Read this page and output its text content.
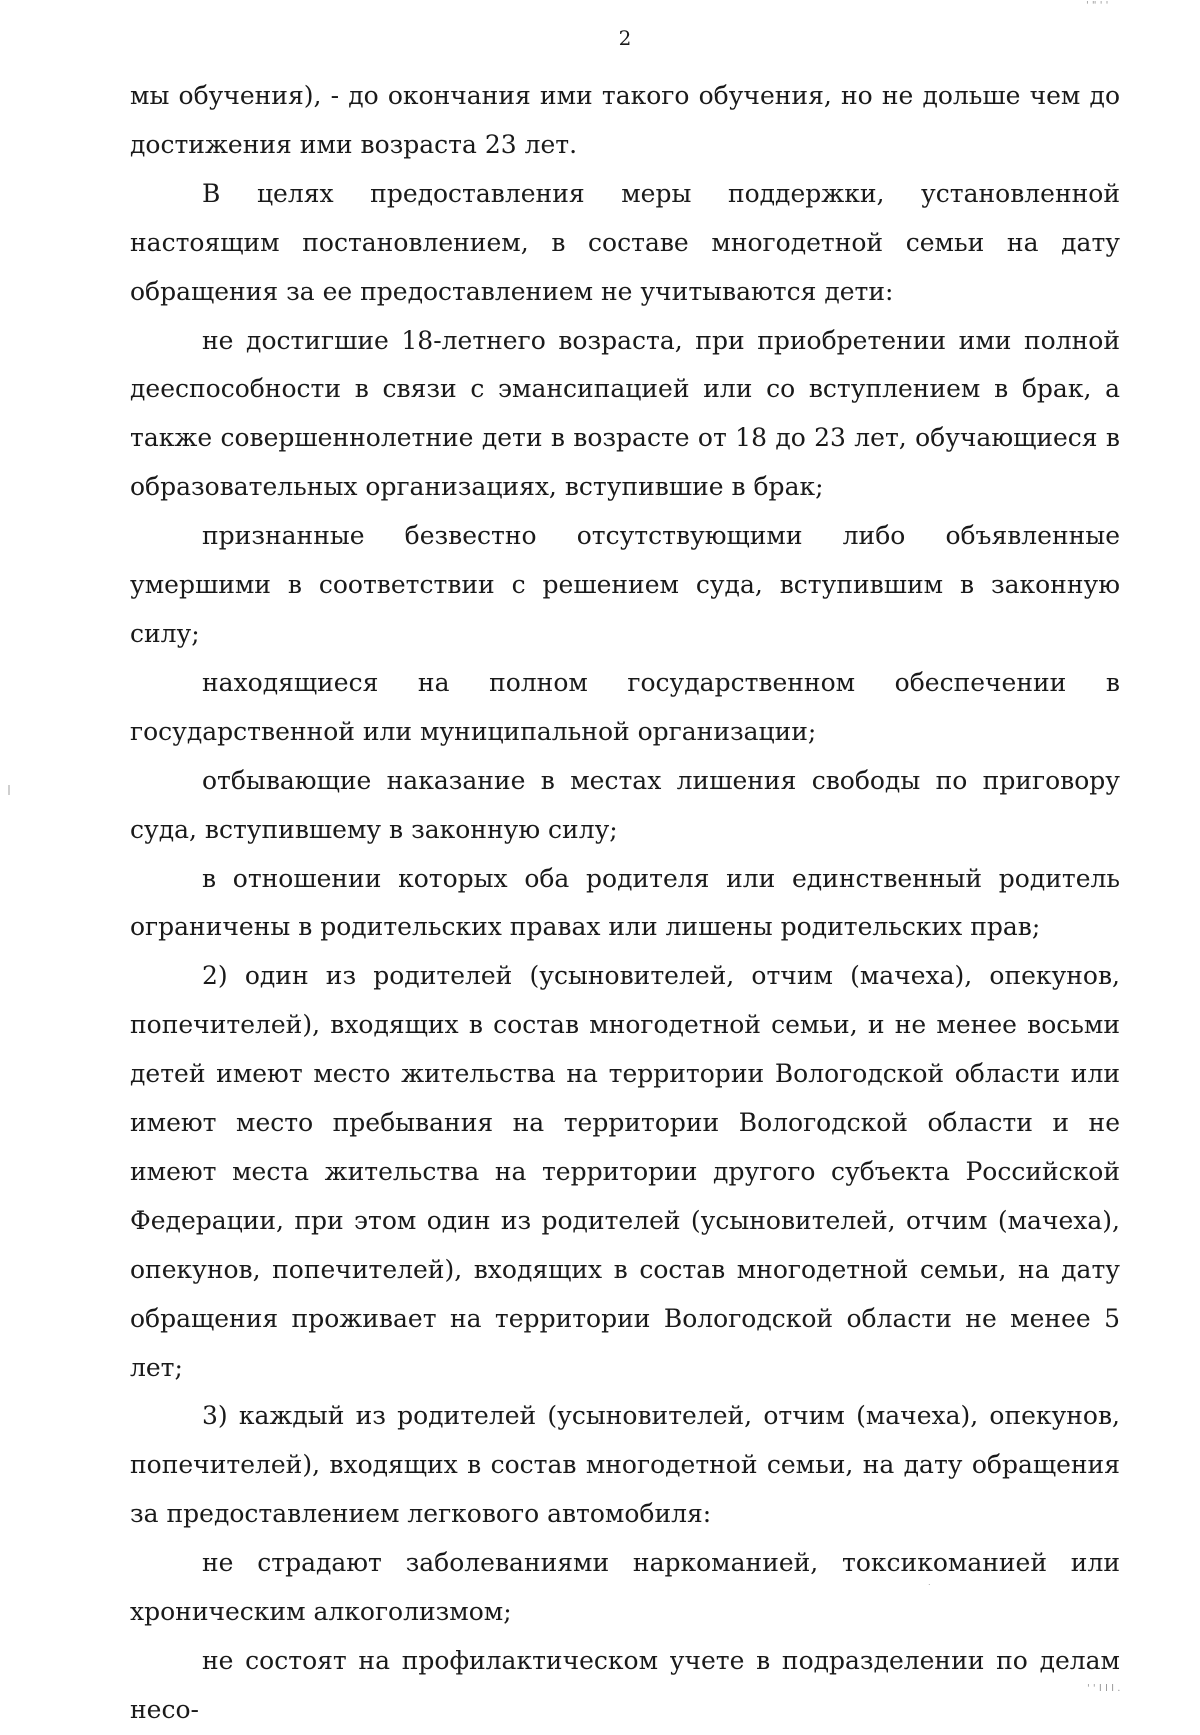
' " ' '
2

мы обучения), - до окончания ими такого обучения, но не дольше чем до достижения ими возраста 23 лет.

В целях предоставления меры поддержки, установленной настоящим постановлением, в составе многодетной семьи на дату обращения за ее предоставлением не учитываются дети:

не достигшие 18-летнего возраста, при приобретении ими полной дееспособности в связи с эмансипацией или со вступлением в брак, а также совершеннолетние дети в возрасте от 18 до 23 лет, обучающиеся в образовательных организациях, вступившие в брак;

признанные безвестно отсутствующими либо объявленные умершими в соответствии с решением суда, вступившим в законную силу;

находящиеся на полном государственном обеспечении в государственной или муниципальной организации;

отбывающие наказание в местах лишения свободы по приговору суда, вступившему в законную силу;

в отношении которых оба родителя или единственный родитель ограничены в родительских правах или лишены родительских прав;

2) один из родителей (усыновителей, отчим (мачеха), опекунов, попечителей), входящих в состав многодетной семьи, и не менее восьми детей имеют место жительства на территории Вологодской области или имеют место пребывания на территории Вологодской области и не имеют места жительства на территории другого субъекта Российской Федерации, при этом один из родителей (усыновителей, отчим (мачеха), опекунов, попечителей), входящих в состав многодетной семьи, на дату обращения проживает на территории Вологодской области не менее 5 лет;

3) каждый из родителей (усыновителей, отчим (мачеха), опекунов, попечителей), входящих в состав многодетной семьи, на дату обращения за предоставлением легкового автомобиля:

не страдают заболеваниями наркоманией, токсикоманией или хроническим алкоголизмом;

не состоят на профилактическом учете в подразделении по делам несо-

.
' ' I I I .
